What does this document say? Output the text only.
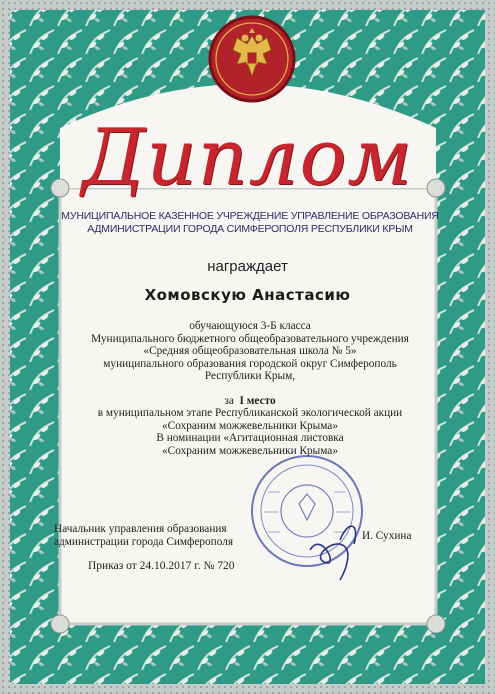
Диплом
МУНИЦИПАЛЬНОЕ КАЗЕННОЕ УЧРЕЖДЕНИЕ УПРАВЛЕНИЕ ОБРАЗОВАНИЯ
АДМИНИСТРАЦИИ ГОРОДА СИМФЕРОПОЛЯ РЕСПУБЛИКИ КРЫМ
награждает
Хомовскую Анастасию
обучающуюся 3-Б класса
Муниципального бюджетного общеобразовательного учреждения
«Средняя общеобразовательная школа № 5»
муниципального образования городской округ Симферополь
Республики Крым,
за I место
в муниципальном этапе Республиканской экологической акции
«Сохраним можжевельники Крыма»
В номинации «Агитационная листовка
«Сохраним можжевельники Крыма»
Начальник управления образования
администрации города Симферополя	И. Сухина
Приказ от 24.10.2017 г. № 720
